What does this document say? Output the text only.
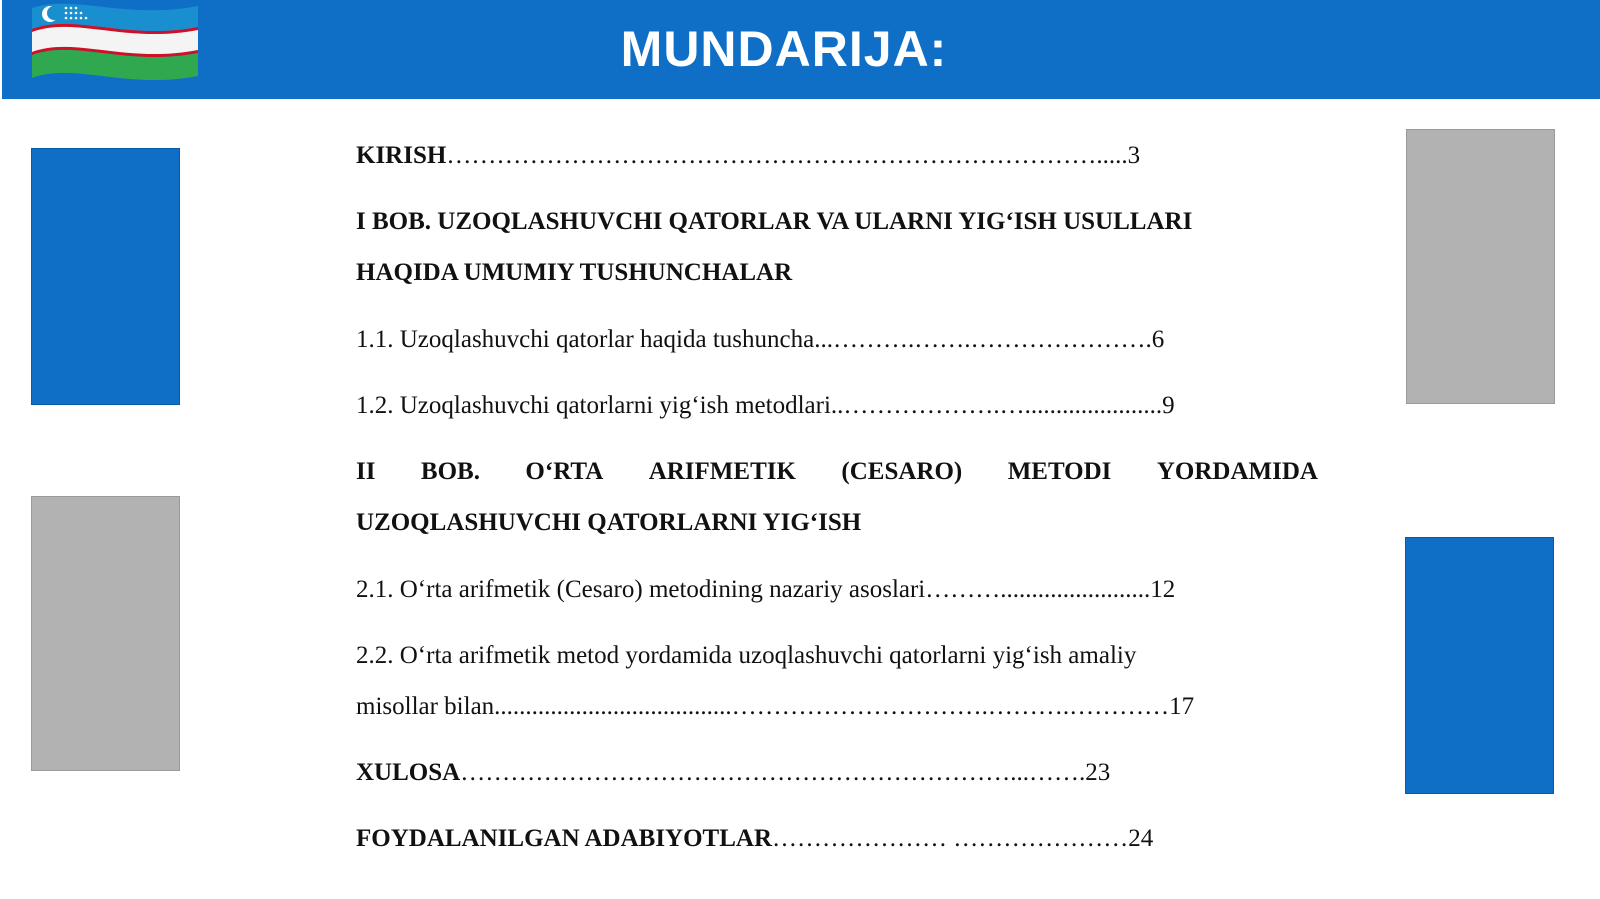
MUNDARIJA:
KIRISH…………………………………………………………………….....3
I BOB. UZOQLASHUVCHI QATORLAR VA ULARNI YIG‘ISH USULLARI
HAQIDA UMUMIY TUSHUNCHALAR
1.1. Uzoqlashuvchi qatorlar haqida tushuncha...……….…….………………….6
1.2. Uzoqlashuvchi qatorlarni yig‘ish metodlari..……………….…......................9
II BOB. O‘RTA ARIFMETIK (CESARO) METODI YORDAMIDA
UZOQLASHUVCHI QATORLARNI YIG‘ISH
2.1. O‘rta arifmetik (Cesaro) metodining nazariy asoslari………........................12
2.2. O‘rta arifmetik metod yordamida uzoqlashuvchi qatorlarni yig‘ish amaliy
misollar bilan......................................………………………….……….…………17
XULOSA…………………………………………………………...…….23
FOYDALANILGAN ADABIYOTLAR………………… …………………24
